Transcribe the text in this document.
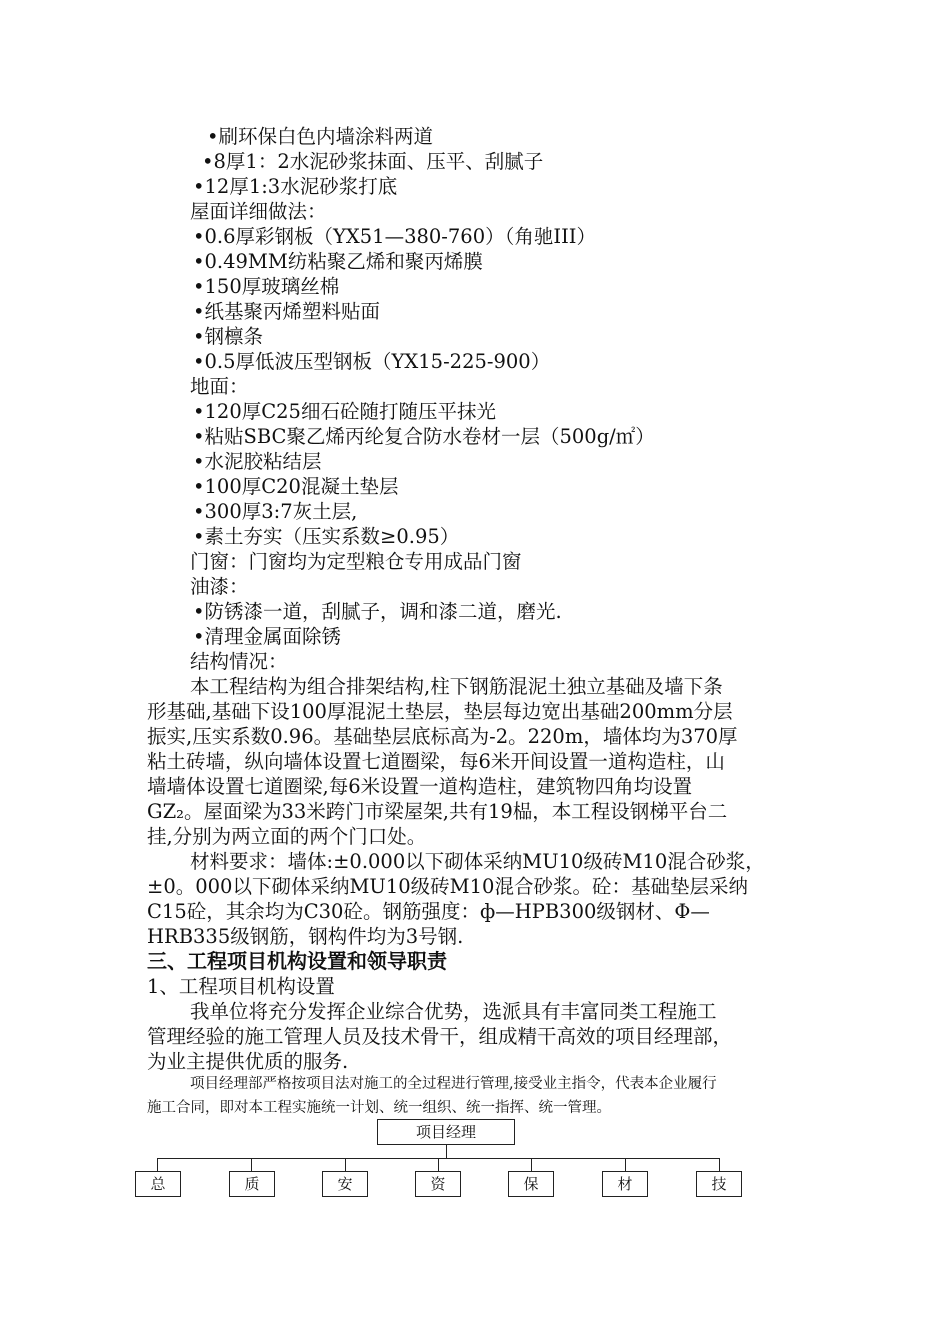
•刷环保白色内墙涂料两道
•8厚1：2水泥砂浆抹面、压平、刮腻子
•12厚1:3水泥砂浆打底
屋面详细做法：
•0.6厚彩钢板（YX51—380-760）（角驰III）
•0.49MM纺粘聚乙烯和聚丙烯膜
•150厚玻璃丝棉
•纸基聚丙烯塑料贴面
•钢檩条
•0.5厚低波压型钢板（YX15-225-900）
地面：
•120厚C25细石砼随打随压平抹光
•粘贴SBC聚乙烯丙纶复合防水卷材一层（500g/㎡）
•水泥胶粘结层
•100厚C20混凝土垫层
•300厚3:7灰土层,
•素土夯实（压实系数≥0.95）
门窗：门窗均为定型粮仓专用成品门窗
油漆：
•防锈漆一道，刮腻子，调和漆二道，磨光.
•清理金属面除锈
结构情况：
本工程结构为组合排架结构,柱下钢筋混泥土独立基础及墙下条
形基础,基础下设100厚混泥土垫层，垫层每边宽出基础200mm分层
振实,压实系数0.96。基础垫层底标高为-2。220m，墙体均为370厚
粘土砖墙，纵向墙体设置七道圈梁，每6米开间设置一道构造柱，山
墙墙体设置七道圈梁,每6米设置一道构造柱，建筑物四角均设置
GZ₂。屋面梁为33米跨门市梁屋架,共有19榀，本工程设钢梯平台二
挂,分别为两立面的两个门口处。
材料要求：墙体:±0.000以下砌体采纳MU10级砖M10混合砂浆，
±0。000以下砌体采纳MU10级砖M10混合砂浆。砼：基础垫层采纳
C15砼，其余均为C30砼。钢筋强度：ф—HPB300级钢材、Φ—
HRB335级钢筋，钢构件均为3号钢.
三、工程项目机构设置和领导职责
1、工程项目机构设置
我单位将充分发挥企业综合优势，选派具有丰富同类工程施工
管理经验的施工管理人员及技术骨干，组成精干高效的项目经理部，
为业主提供优质的服务.
项目经理部严格按项目法对施工的全过程进行管理,接受业主指令，代表本企业履行
施工合同，即对本工程实施统一计划、统一组织、统一指挥、统一管理。
项目经理
总	质	安	资	保	材	技
